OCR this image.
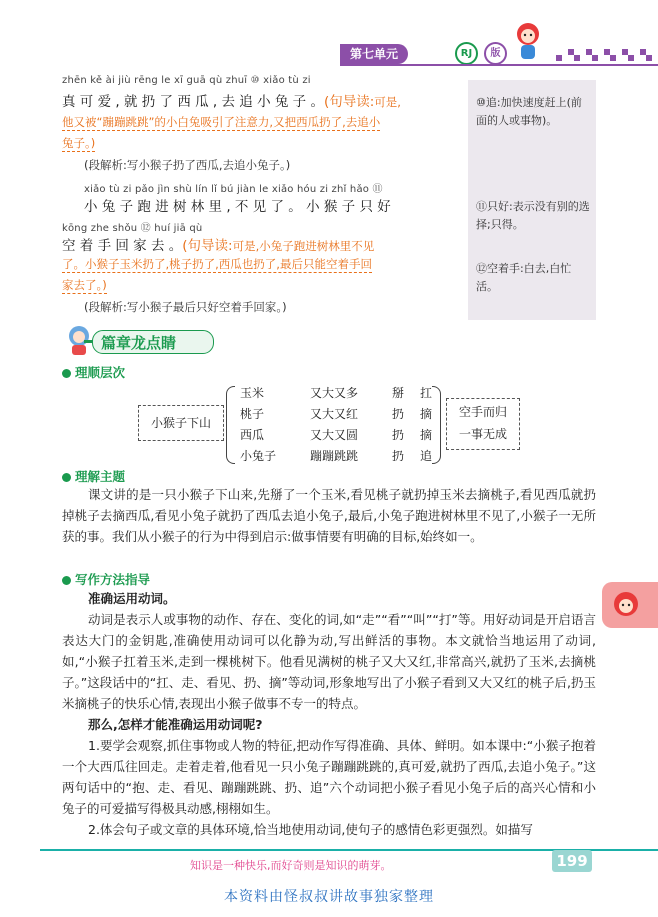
第七单元	RJ	版
zhēn kě ài jiù rēng le xī guā qù zhuī ⑩ xiǎo tù zi
真 可 爱 , 就 扔 了 西 瓜 , 去 追 小 兔 子 。(句导读:可是,
他又被“蹦蹦跳跳”的小白兔吸引了注意力,又把西瓜扔了,去追小
兔子。)
(段解析:写小猴子扔了西瓜,去追小兔子。)
xiǎo tù zi pǎo jìn shù lín lǐ bú jiàn le xiǎo hóu zi zhǐ hǎo ⑪
小 兔 子 跑 进 树 林 里 , 不 见 了 。 小 猴 子 只 好
kōng zhe shǒu ⑫ huí jiā qù
空 着 手 回 家 去 。(句导读:可是,小兔子跑进树林里不见
了。小猴子玉米扔了,桃子扔了,西瓜也扔了,最后只能空着手回
家去了。)
(段解析:写小猴子最后只好空着手回家。)
⑩追:加快速度赶上(前面的人或事物)。
⑪只好:表示没有别的选择;只得。
⑫空着手:白去,白忙活。
篇章龙点睛
理顺层次
小猴子下山
空手而归
一事无成
玉米	又大又多	掰 扛
桃子	又大又红	扔 摘
西瓜	又大又圆	扔 摘
小兔子	蹦蹦跳跳	扔 追
理解主题
课文讲的是一只小猴子下山来,先掰了一个玉米,看见桃子就扔掉玉米去摘桃子,看见西瓜就扔掉桃子去摘西瓜,看见小兔子就扔了西瓜去追小兔子,最后,小兔子跑进树林里不见了,小猴子一无所获的事。我们从小猴子的行为中得到启示:做事情要有明确的目标,始终如一。
写作方法指导
准确运用动词。
动词是表示人或事物的动作、存在、变化的词,如“走”“看”“叫”“打”等。用好动词是开启语言表达大门的金钥匙,准确使用动词可以化静为动,写出鲜活的事物。本文就恰当地运用了动词,如,“小猴子扛着玉米,走到一棵桃树下。他看见满树的桃子又大又红,非常高兴,就扔了玉米,去摘桃子。”这段话中的“扛、走、看见、扔、摘”等动词,形象地写出了小猴子看到又大又红的桃子后,扔玉米摘桃子的快乐心情,表现出小猴子做事不专一的特点。
那么,怎样才能准确运用动词呢?
1.要学会观察,抓住事物或人物的特征,把动作写得准确、具体、鲜明。如本课中:“小猴子抱着一个大西瓜往回走。走着走着,他看见一只小兔子蹦蹦跳跳的,真可爱,就扔了西瓜,去追小兔子。”这两句话中的“抱、走、看见、蹦蹦跳跳、扔、追”六个动词把小猴子看见小兔子后的高兴心情和小兔子的可爱描写得极具动感,栩栩如生。
2.体会句子或文章的具体环境,恰当地使用动词,使句子的感情色彩更强烈。如描写
知识是一种快乐,而好奇则是知识的萌芽。	199
本资料由怪叔叔讲故事独家整理
